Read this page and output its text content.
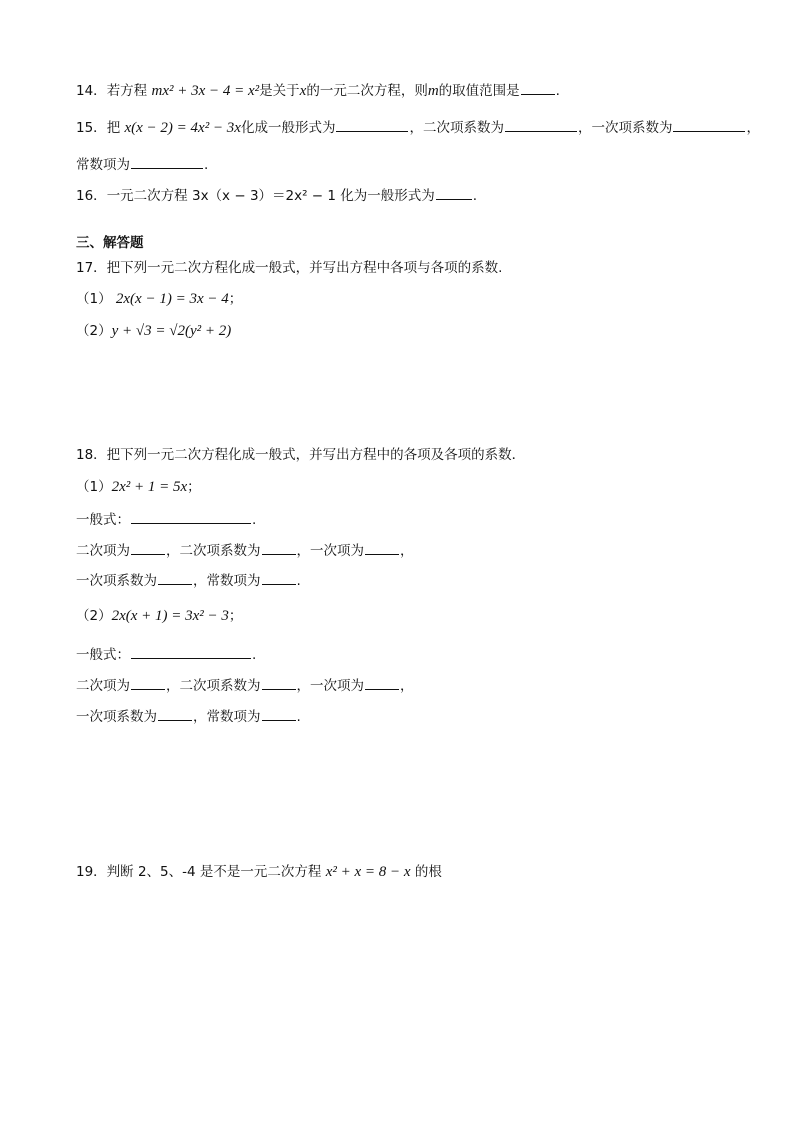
14．若方程 mx² + 3x − 4 = x²是关于x的一元二次方程，则m的取值范围是	.
15．把 x(x − 2) = 4x² − 3x化成一般形式为	，二次项系数为	，一次项系数为	，
常数项为	.
16．一元二次方程 3x（x − 3）＝2x² − 1 化为一般形式为	.
三、解答题
17．把下列一元二次方程化成一般式，并写出方程中各项与各项的系数.
（1） 2x(x − 1) = 3x − 4；
（2）y + √3 = √2(y² + 2)
18．把下列一元二次方程化成一般式，并写出方程中的各项及各项的系数．
（1）2x² + 1 = 5x；
一般式：	.
二次项为	，二次项系数为	，一次项为	，
一次项系数为	，常数项为	.
（2）2x(x + 1) = 3x² − 3；
一般式：	.
二次项为	，二次项系数为	，一次项为	，
一次项系数为	，常数项为	.
19．判断 2、5、-4 是不是一元二次方程 x² + x = 8 − x 的根
